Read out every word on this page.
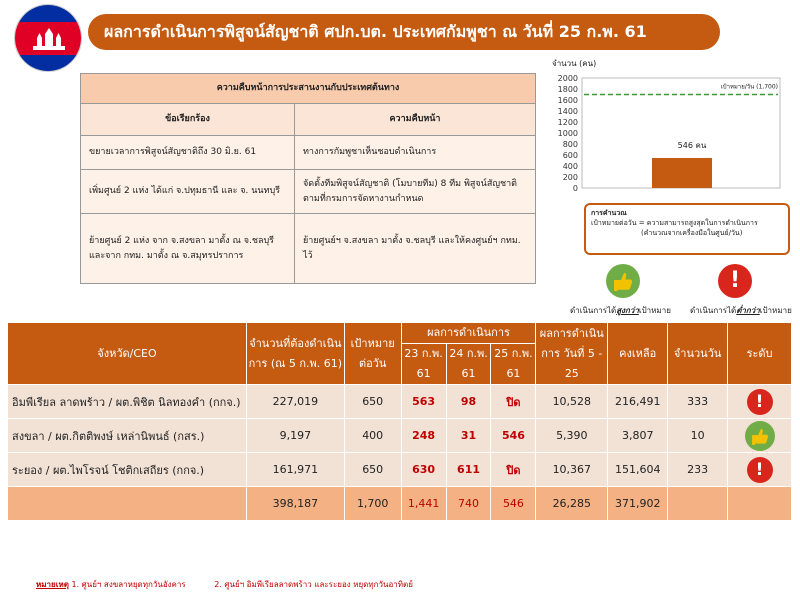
ผลการดำเนินการพิสูจน์สัญชาติ ศปก.บต. ประเทศกัมพูชา ณ วันที่ 25 ก.พ. 61
ความคืบหน้าการประสานงานกับประเทศต้นทาง	
ข้อเรียกร้อง	ความคืบหน้า
ขยายเวลาการพิสูจน์สัญชาติถึง 30 มิ.ย. 61	ทางการกัมพูชาเห็นชอบดำเนินการ
เพิ่มศูนย์ 2 แห่ง ได้แก่ จ.ปทุมธานี และ จ. นนทบุรี	จัดตั้งทีมพิสูจน์สัญชาติ (โมบายทีม) 8 ทีม พิสูจน์สัญชาติตามที่กรมการจัดหางานกำหนด
ย้ายศูนย์ 2 แห่ง จาก จ.สงขลา มาตั้ง ณ จ.ชลบุรี และจาก กทม. มาตั้ง ณ จ.สมุทรปราการ	ย้ายศูนย์ฯ จ.สงขลา มาตั้ง จ.ชลบุรี และให้คงศูนย์ฯ กทม. ไว้
จำนวน (คน)
0
200
400
600
800
1000
1200
1400
1600
1800
2000
เป้าหมาย/วัน (1,700)
546 คน
การคำนวณ
เป้าหมายต่อวัน = ความสามารถสูงสุดในการดำเนินการ
(คำนวณจากเครื่องมือในศูนย์/วัน)
!
ดำเนินการได้สูงกว่าเป้าหมาย ดำเนินการได้ต่ำกว่าเป้าหมาย
จังหวัด/CEO	จำนวนที่ต้องดำเนินการ (ณ 5 ก.พ. 61)	เป้าหมายต่อวัน	ผลการดำเนินการ			ผลการดำเนินการ วันที่ 5 - 25	คงเหลือ	จำนวนวัน	ระดับ
			23 ก.พ. 61	24 ก.พ. 61	25 ก.พ. 61				
อิมพีเรียล ลาดพร้าว / ผต.พิชิต นิลทองคำ (กกจ.)	227,019	650	563	98	ปิด	10,528	216,491	333	!
สงขลา / ผต.กิตติพงษ์ เหล่านิพนธ์ (กสร.)	9,197	400	248	31	546	5,390	3,807	10	
ระยอง / ผต.ไพโรจน์ โชติกเสถียร (กกจ.)	161,971	650	630	611	ปิด	10,367	151,604	233	!
	398,187	1,700	1,441	740	546	26,285	371,902		
หมายเหตุ 1. ศูนย์ฯ สงขลาหยุดทุกวันอังคาร	2. ศูนย์ฯ อิมพีเรียลลาดพร้าว และระยอง หยุดทุกวันอาทิตย์
